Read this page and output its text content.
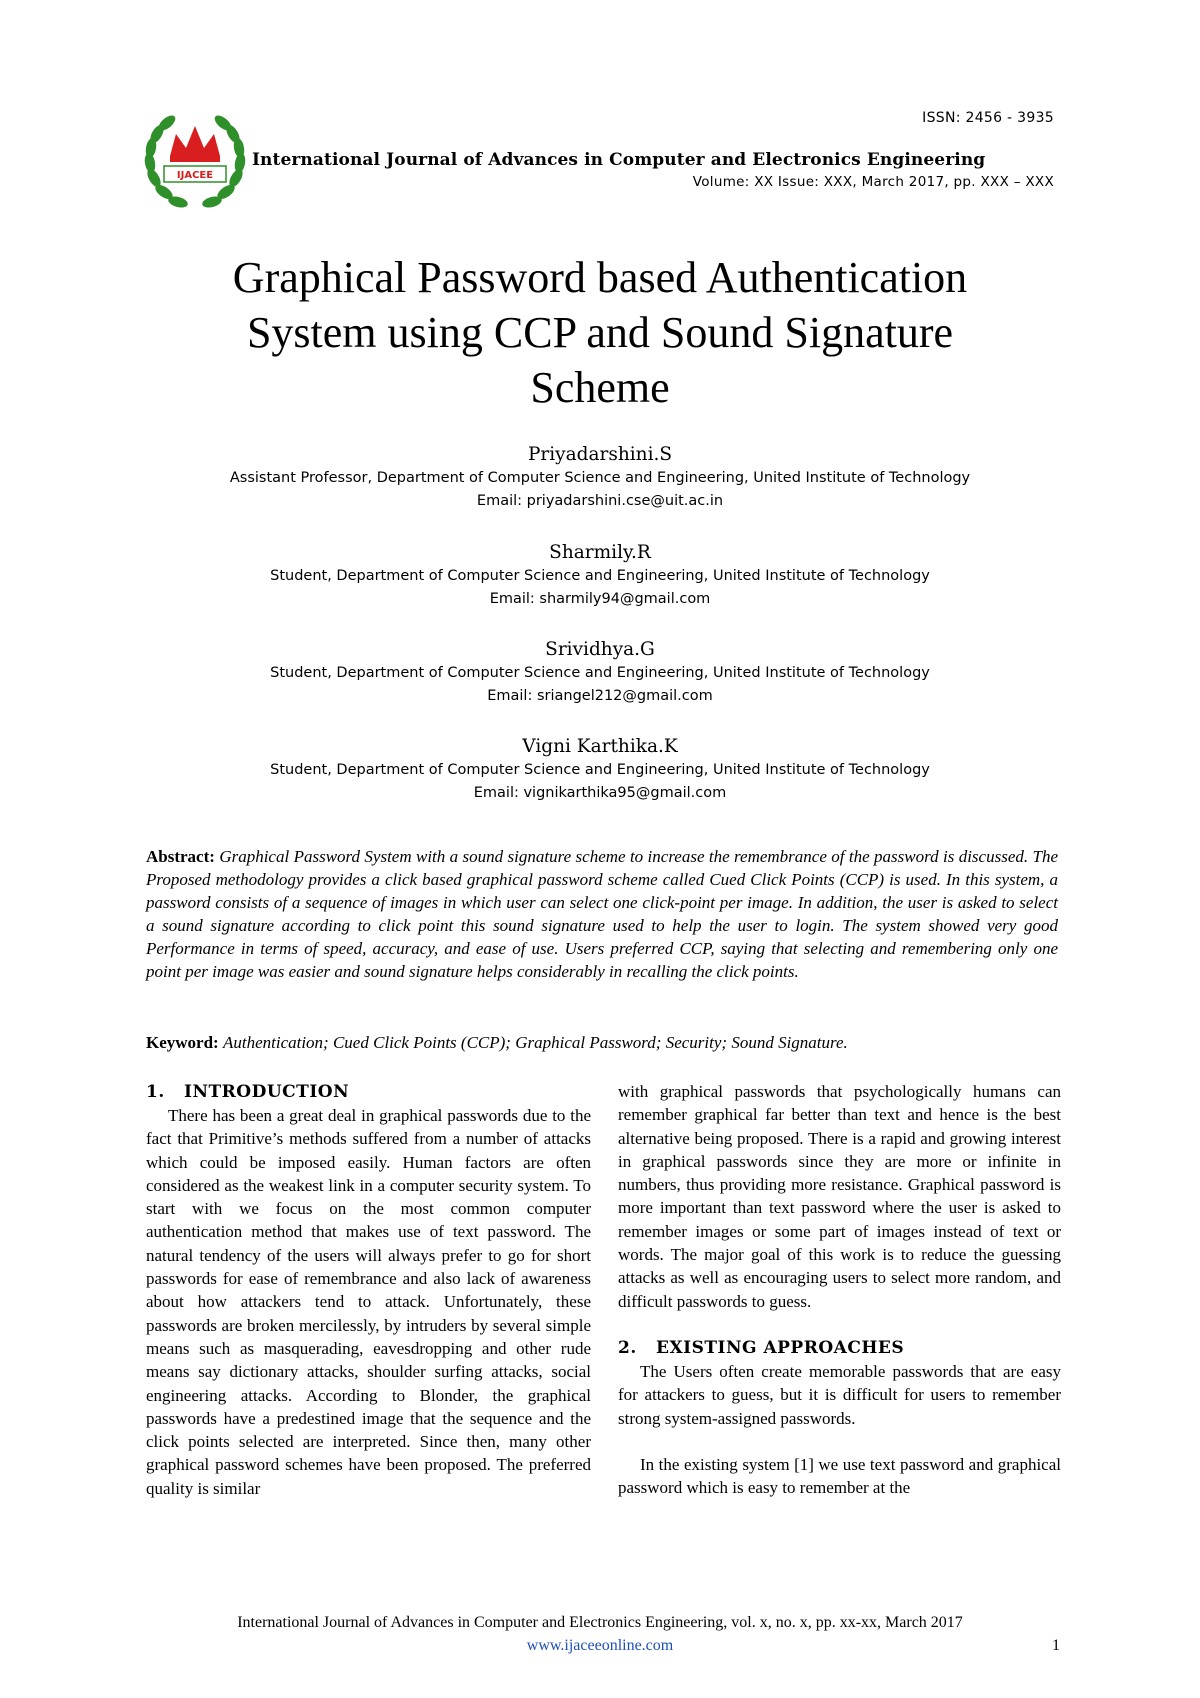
ISSN: 2456 - 3935
IJACEE
International Journal of Advances in Computer and Electronics Engineering
Volume: XX Issue: XXX, March 2017, pp. XXX – XXX
Graphical Password based Authentication
System using CCP and Sound Signature
Scheme
Priyadarshini.S
Assistant Professor, Department of Computer Science and Engineering, United Institute of Technology
Email: priyadarshini.cse@uit.ac.in
Sharmily.R
Student, Department of Computer Science and Engineering, United Institute of Technology
Email: sharmily94@gmail.com
Srividhya.G
Student, Department of Computer Science and Engineering, United Institute of Technology
Email: sriangel212@gmail.com
Vigni Karthika.K
Student, Department of Computer Science and Engineering, United Institute of Technology
Email: vignikarthika95@gmail.com
Abstract: Graphical Password System with a sound signature scheme to increase the remembrance of the password is discussed. The Proposed methodology provides a click based graphical password scheme called Cued Click Points (CCP) is used. In this system, a password consists of a sequence of images in which user can select one click-point per image. In addition, the user is asked to select a sound signature according to click point this sound signature used to help the user to login. The system showed very good Performance in terms of speed, accuracy, and ease of use. Users preferred CCP, saying that selecting and remembering only one point per image was easier and sound signature helps considerably in recalling the click points.
Keyword: Authentication; Cued Click Points (CCP); Graphical Password; Security; Sound Signature.
1. INTRODUCTION

There has been a great deal in graphical passwords due to the fact that Primitive’s methods suffered from a number of attacks which could be imposed easily. Human factors are often considered as the weakest link in a computer security system. To start with we focus on the most common computer authentication method that makes use of text password. The natural tendency of the users will always prefer to go for short passwords for ease of remembrance and also lack of awareness about how attackers tend to attack. Unfortunately, these passwords are broken mercilessly, by intruders by several simple means such as masquerading, eavesdropping and other rude means say dictionary attacks, shoulder surfing attacks, social engineering attacks. According to Blonder, the graphical passwords have a predestined image that the sequence and the click points selected are interpreted. Since then, many other graphical password schemes have been proposed. The preferred quality is similar

with graphical passwords that psychologically humans can remember graphical far better than text and hence is the best alternative being proposed. There is a rapid and growing interest in graphical passwords since they are more or infinite in numbers, thus providing more resistance. Graphical password is more important than text password where the user is asked to remember images or some part of images instead of text or words. The major goal of this work is to reduce the guessing attacks as well as encouraging users to select more random, and difficult passwords to guess.

2. EXISTING APPROACHES

The Users often create memorable passwords that are easy for attackers to guess, but it is difficult for users to remember strong system-assigned passwords.

In the existing system [1] we use text password and graphical password which is easy to remember at the

International Journal of Advances in Computer and Electronics Engineering, vol. x, no. x, pp. xx-xx, March 2017
www.ijaceeonline.com	1
